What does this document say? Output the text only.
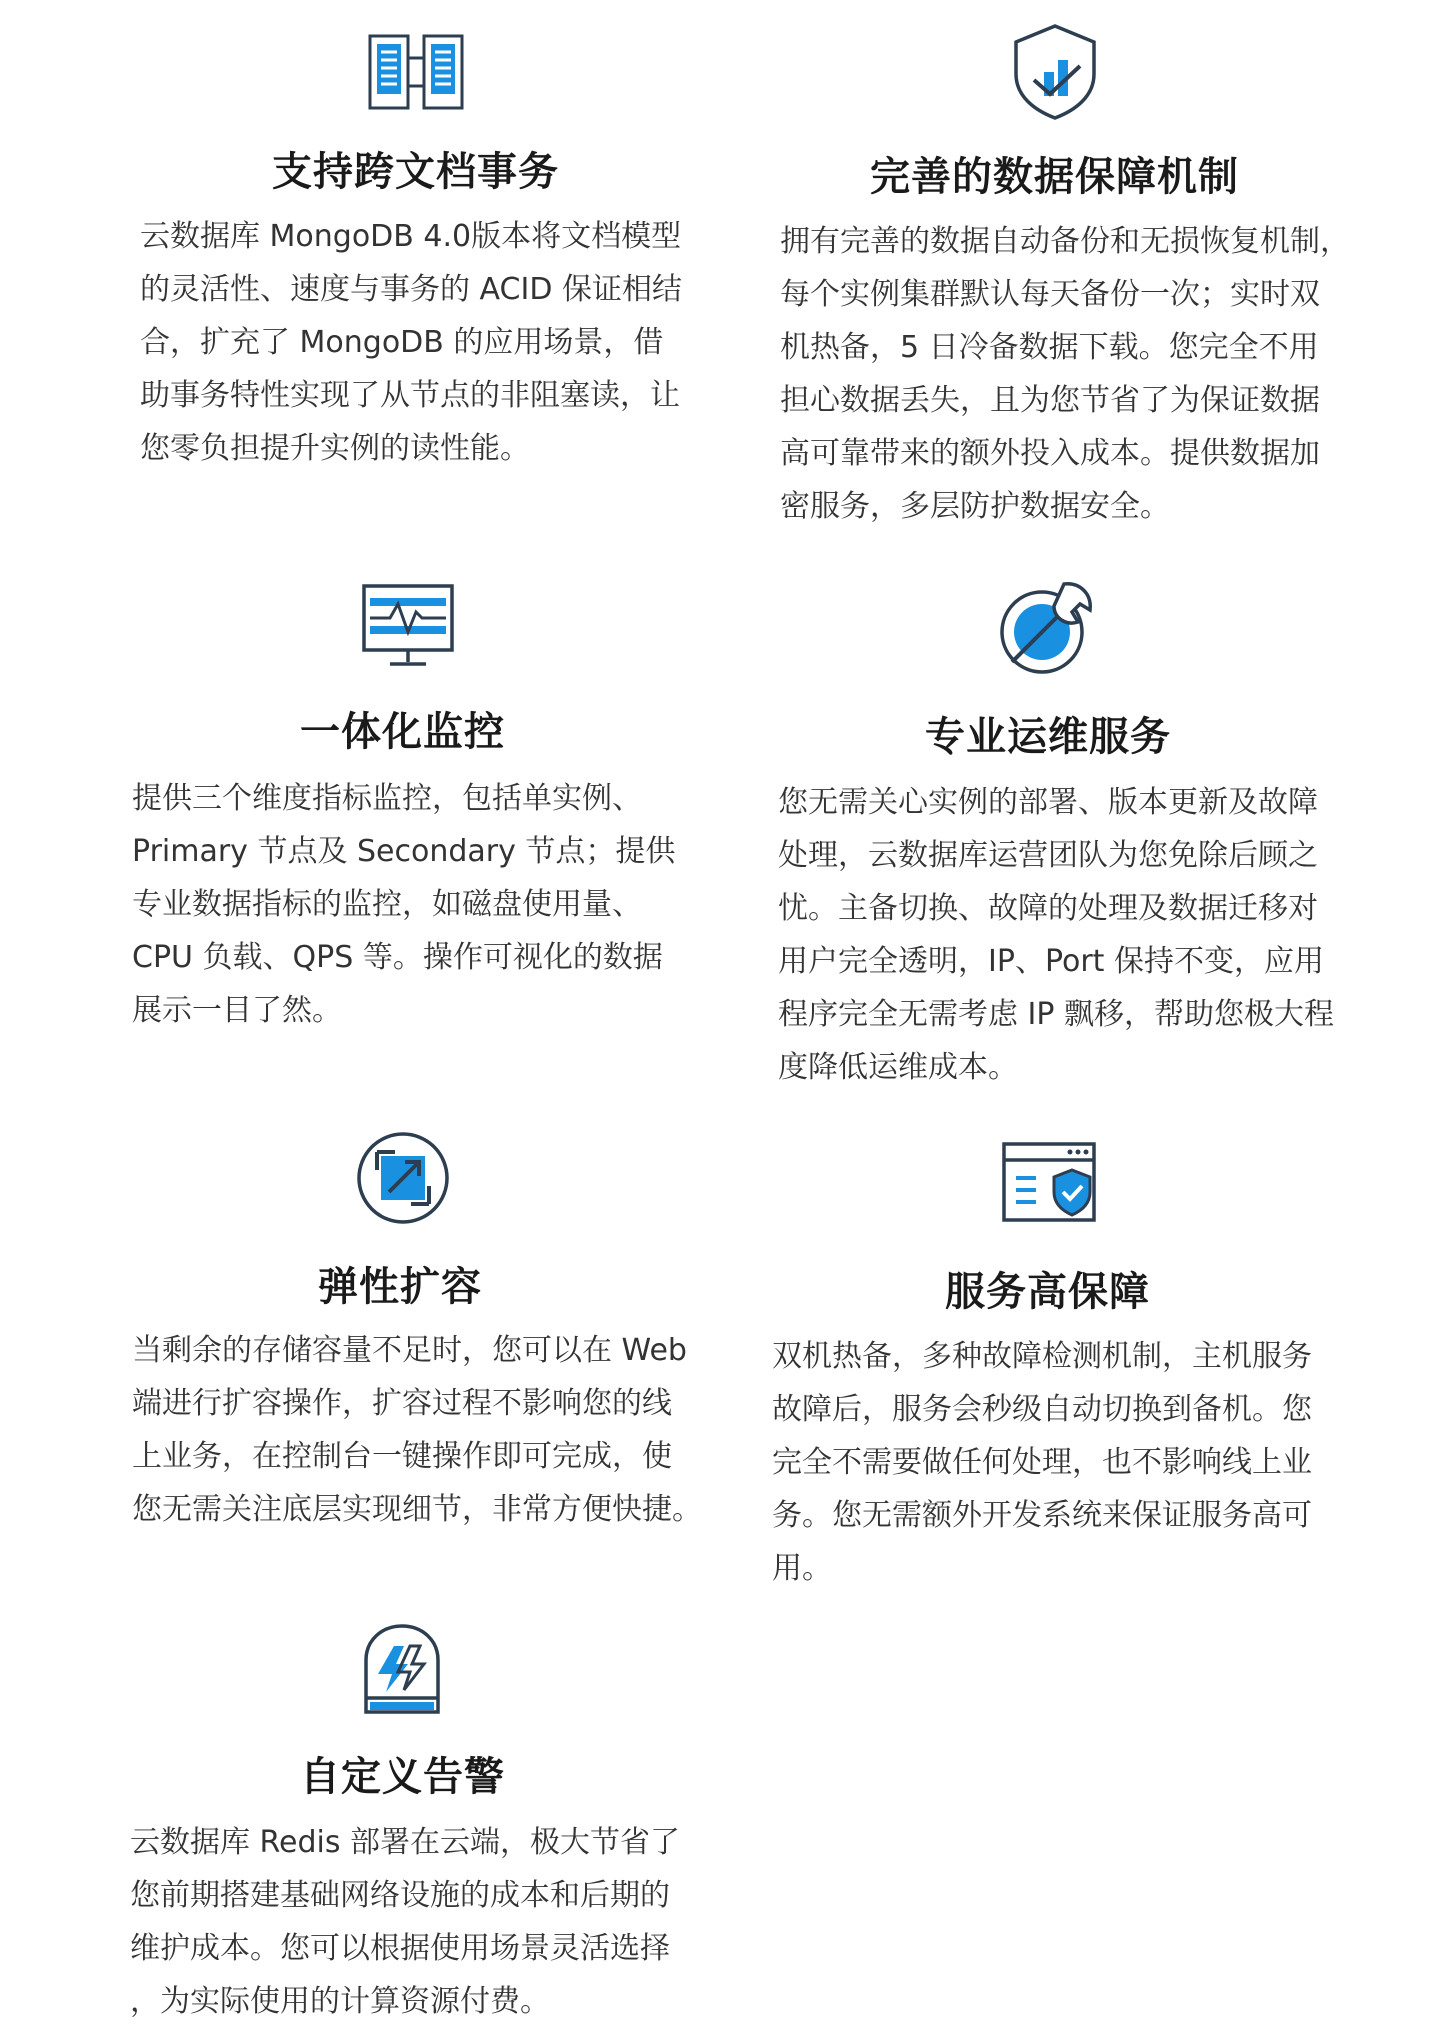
支持跨文档事务
云数据库 MongoDB 4.0版本将文档模型
的灵活性、速度与事务的 ACID 保证相结
合，扩充了 MongoDB 的应用场景，借
助事务特性实现了从节点的非阻塞读，让
您零负担提升实例的读性能。
完善的数据保障机制
拥有完善的数据自动备份和无损恢复机制，
每个实例集群默认每天备份一次；实时双
机热备，5 日冷备数据下载。您完全不用
担心数据丢失，且为您节省了为保证数据
高可靠带来的额外投入成本。提供数据加
密服务，多层防护数据安全。
一体化监控
提供三个维度指标监控，包括单实例、
Primary 节点及 Secondary 节点；提供
专业数据指标的监控，如磁盘使用量、
CPU 负载、QPS 等。操作可视化的数据
展示一目了然。
专业运维服务
您无需关心实例的部署、版本更新及故障
处理，云数据库运营团队为您免除后顾之
忧。主备切换、故障的处理及数据迁移对
用户完全透明，IP、Port 保持不变，应用
程序完全无需考虑 IP 飘移，帮助您极大程
度降低运维成本。
弹性扩容
当剩余的存储容量不足时，您可以在 Web
端进行扩容操作，扩容过程不影响您的线
上业务，在控制台一键操作即可完成，使
您无需关注底层实现细节，非常方便快捷。
服务高保障
双机热备，多种故障检测机制，主机服务
故障后，服务会秒级自动切换到备机。您
完全不需要做任何处理，也不影响线上业
务。您无需额外开发系统来保证服务高可
用。
自定义告警
云数据库 Redis 部署在云端，极大节省了
您前期搭建基础网络设施的成本和后期的
维护成本。您可以根据使用场景灵活选择
，为实际使用的计算资源付费。
